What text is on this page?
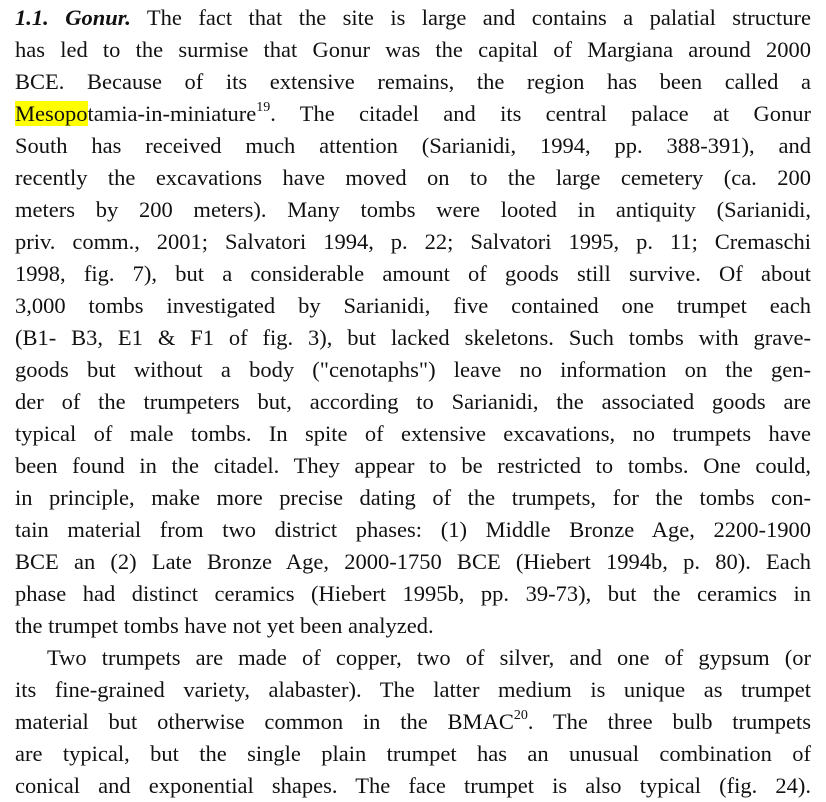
1.1. Gonur. The fact that the site is large and contains a palatial structure
has led to the surmise that Gonur was the capital of Margiana around 2000
BCE. Because of its extensive remains, the region has been called a
Mesopotamia-in-miniature$^{19}$. The citadel and its central palace at Gonur
South has received much attention (Sarianidi, 1994, pp. 388-391), and
recently the excavations have moved on to the large cemetery (ca. 200
meters by 200 meters). Many tombs were looted in antiquity (Sarianidi,
priv. comm., 2001; Salvatori 1994, p. 22; Salvatori 1995, p. 11; Cremaschi
1998, fig. 7), but a considerable amount of goods still survive. Of about
3,000 tombs investigated by Sarianidi, five contained one trumpet each
(B1- B3, E1 & F1 of fig. 3), but lacked skeletons. Such tombs with grave-
goods but without a body ("cenotaphs") leave no information on the gen-
der of the trumpeters but, according to Sarianidi, the associated goods are
typical of male tombs. In spite of extensive excavations, no trumpets have
been found in the citadel. They appear to be restricted to tombs. One could,
in principle, make more precise dating of the trumpets, for the tombs con-
tain material from two district phases: (1) Middle Bronze Age, 2200-1900
BCE an (2) Late Bronze Age, 2000-1750 BCE (Hiebert 1994b, p. 80). Each
phase had distinct ceramics (Hiebert 1995b, pp. 39-73), but the ceramics in
the trumpet tombs have not yet been analyzed.
Two trumpets are made of copper, two of silver, and one of gypsum (or
its fine-grained variety, alabaster). The latter medium is unique as trumpet
material but otherwise common in the BMAC$^{20}$. The three bulb trumpets
are typical, but the single plain trumpet has an unusual combination of
conical and exponential shapes. The face trumpet is also typical (fig. 24).
